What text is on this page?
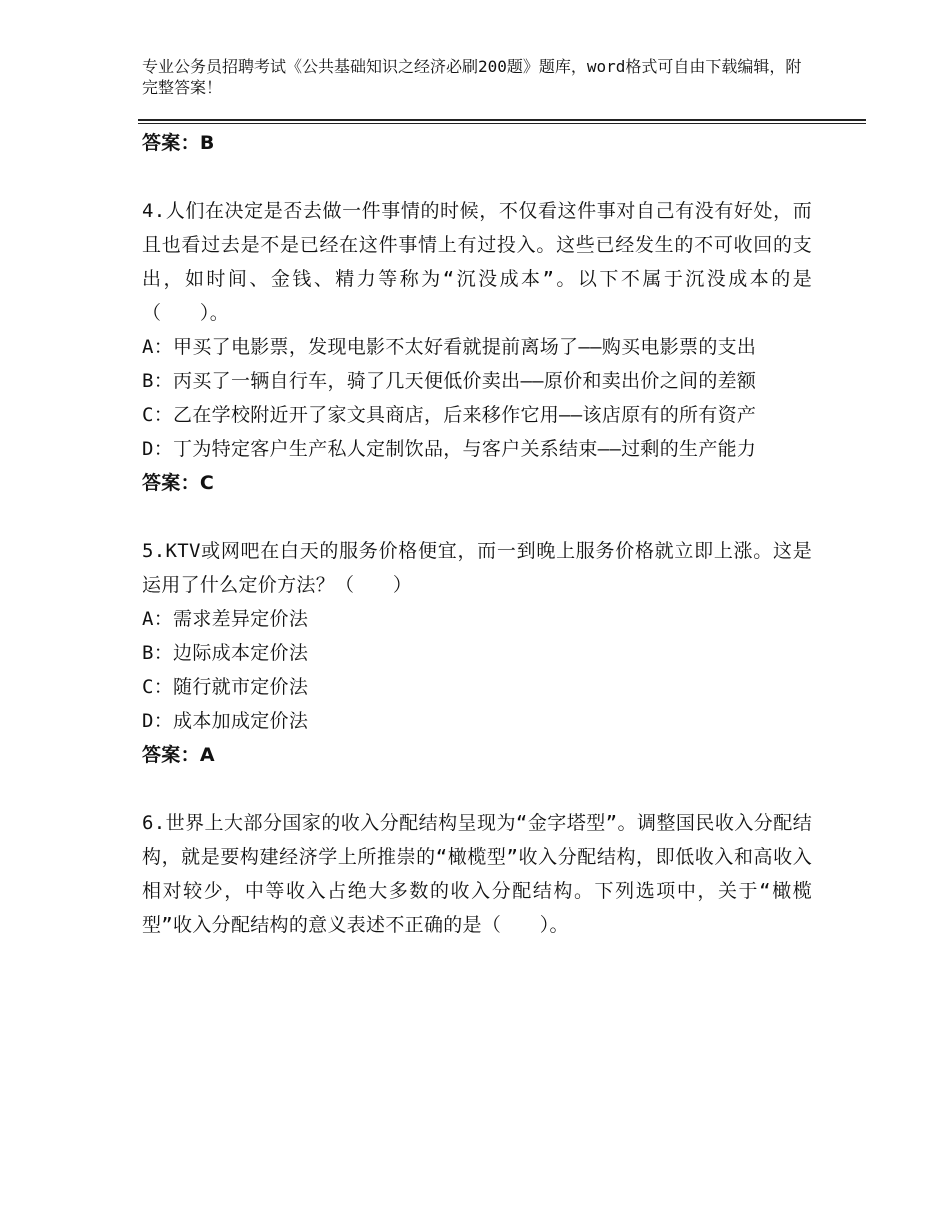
专业公务员招聘考试《公共基础知识之经济必刷200题》题库，word格式可自由下载编辑，附完整答案！

答案：B

4.人们在决定是否去做一件事情的时候，不仅看这件事对自己有没有好处，而且也看过去是不是已经在这件事情上有过投入。这些已经发生的不可收回的支出，如时间、金钱、精力等称为“沉没成本”。以下不属于沉没成本的是（　　）。

A：甲买了电影票，发现电影不太好看就提前离场了——购买电影票的支出

B：丙买了一辆自行车，骑了几天便低价卖出——原价和卖出价之间的差额

C：乙在学校附近开了家文具商店，后来移作它用——该店原有的所有资产

D：丁为特定客户生产私人定制饮品，与客户关系结束——过剩的生产能力

答案：C

5.KTV或网吧在白天的服务价格便宜，而一到晚上服务价格就立即上涨。这是运用了什么定价方法？（　　）

A：需求差异定价法

B：边际成本定价法

C：随行就市定价法

D：成本加成定价法

答案：A

6.世界上大部分国家的收入分配结构呈现为“金字塔型”。调整国民收入分配结构，就是要构建经济学上所推崇的“橄榄型”收入分配结构，即低收入和高收入相对较少，中等收入占绝大多数的收入分配结构。下列选项中，关于“橄榄型”收入分配结构的意义表述不正确的是（　　）。
